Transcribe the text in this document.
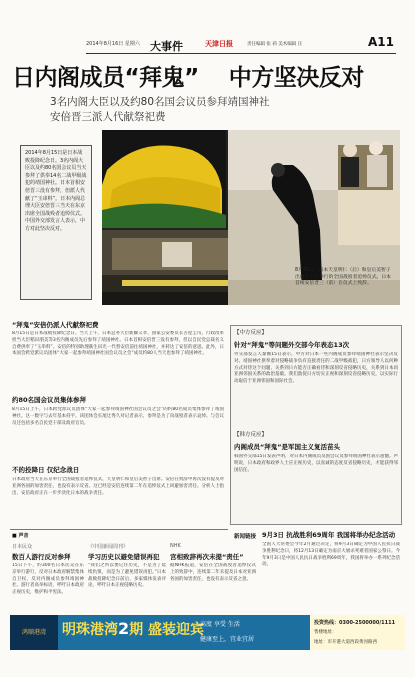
2014年8月16日 星期六 大事件	天津日报	责任编辑 张 莉 美术编辑 汪	A11
日内阁成员“拜鬼” 中方坚决反对
3名内阁大臣以及约80名国会议员参拜靖国神社
安倍晋三派人代献祭祀费
2014年8月15日是日本战败投降纪念日。3名内阁大臣以及约80名国会议员当天参拜了供奉14名二战甲级战犯的靖国神社。日本首相安倍晋三没有参拜，但派人代献了“玉串料”。日本内阁总理大臣安倍晋三当天在东京出席全国战殁者追悼仪式。中国外交部发言人表示，中方对此坚决反对。
8月15日，日本天皇明仁（后）和皇后美智子出席在东京举行的全国战殁者追悼仪式。日本首相安倍晋三（前）在仪式上致辞。
“拜鬼”安倍仍派人代献祭祀费
8月15日是日本战败投降纪念日。当天上午，日本总务大臣新藤义孝、国家公安委员长古屋圭司、行政改革担当大臣稻田朋美等3名内阁成员先后参拜了靖国神社。日本首相安倍晋三没有参拜，但以自民党总裁名义自费供奉了“玉串料”。安倍的特别助理萩生田光一代替安倍前往靖国神社，并转达了安倍的意思。此外，日本国会跨党派议员团体“大家一起参拜靖国神社国会议员之会”成员约80人当天也参拜了靖国神社。
约80名国会议员集体参拜
8月15日上午，日本跨党派议员团体“大家一起参拜靖国神社国会议员之会”的约80名成员集体参拜了靖国神社。这一数字与去年基本持平。该团体会长尾辻秀久对记者表示，参拜是为了向战殁者表示哀悼。与会议员还包括多名自民党干部及政府官员。
不的投降日 仅纪念战日
日本政府当天在东京举行全国战殁者追悼仪式，天皇明仁和皇后美智子出席。安倍在致辞中再次没有提及对亚洲各国的加害责任，也没有表示反省。这已经是安倍连续第二年在追悼仪式上回避加害责任。分析人士指出，安倍政府正在一步步淡化日本的战争责任。
【中方反应】
针对“拜鬼”等问题外交部今年表态13次
外交部发言人秦刚15日表示，中方对日本一些内阁成员参拜靖国神社表示坚决反对。靖国神社供奉着对侵略战争负有直接责任的二战甲级战犯，日方领导人以何种方式对待这个问题，关系到日方能否正确看待和深刻反省侵略历史，关系到日本同亚洲邻国关系的政治基础。我们敦促日方切实正视和深刻反省侵略历史，以实际行动取信于亚洲邻国和国际社会。
【韩方反应】
内阁成员“拜鬼”是军国主义复活苗头
韩国外交部15日发表声明，对日本内阁成员及国会议员参拜靖国神社表示遗憾。声明说，日本政府和政界人士应正视历史，以真诚的态度反省侵略历史，才能获得邻国信任。
新闻链接 9月3日 抗战胜利69周年 我国将举办纪念活动
全国人大常委会今年2月通过决定，将9月3日确定为中国人民抗日战争胜利纪念日，将12月13日确定为南京大屠杀死难者国家公祭日。今年9月3日是中国人民抗日战争胜利69周年，我国将举办一系列纪念活动。
■ 声音
日本民众
数百人游行反对参拜
15日下午，约300名日本民众在东京举行游行，反对日本政府解禁集体自卫权，反对内阁成员参拜靖国神社。游行者高举标语，呼吁日本政府正视历史，维护和平宪法。
《中国新闻周刊》
学习历史以避免错误再犯
“我们之所以要记住历史，不是为了延续仇恨，而是为了避免错误再犯。”日本战败投降纪念日前后，多家媒体发表评论，呼吁日本正视侵略历史。
NHK
宫相致辞再次未提“责任”
据NHK报道，安倍在全国战殁者追悼仪式上的致辞中，连续第二年未提及日本对亚洲各国的加害责任，也没有表示反省之意。
鸿顺港湾	明珠港湾2期 盛装迎宾
高度 享受 生活
健康至上，宜业宜居
投资热线：0300-2500000/1111
售楼地址：
地址：市开港大道西段黄河路西
